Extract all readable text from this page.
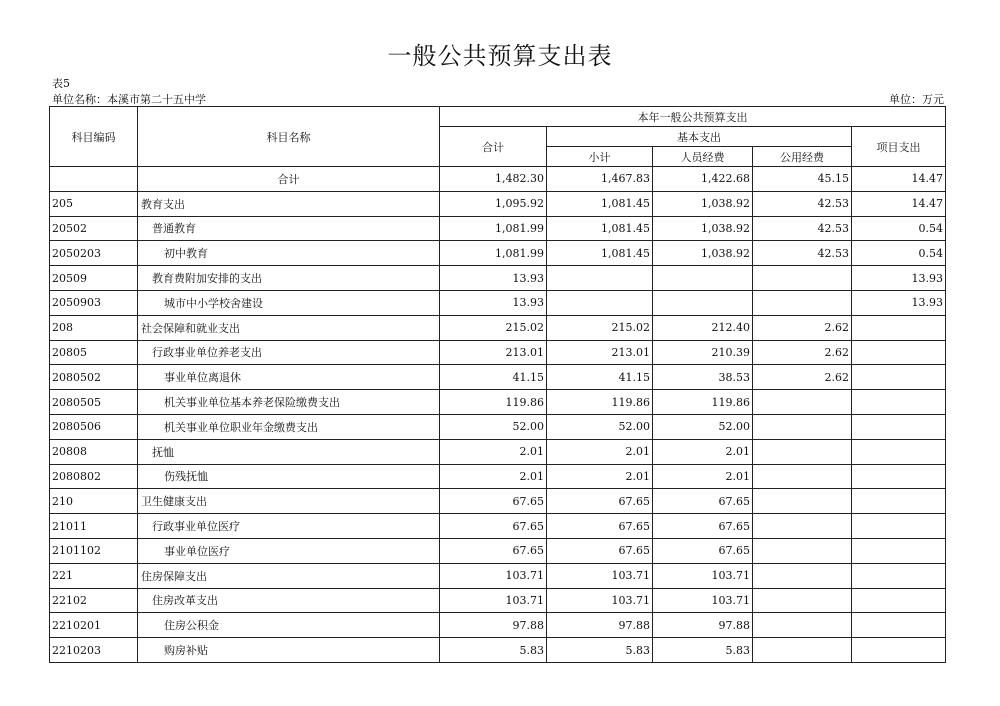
一般公共预算支出表
表5
单位名称：本溪市第二十五中学	单位：万元
科目编码	科目名称	本年一般公共预算支出				
		合计	基本支出			项目支出
			小计	人员经费	公用经费	
	合计	1,482.30	1,467.83	1,422.68	45.15	14.47
205	教育支出	1,095.92	1,081.45	1,038.92	42.53	14.47
20502	普通教育	1,081.99	1,081.45	1,038.92	42.53	0.54
2050203	初中教育	1,081.99	1,081.45	1,038.92	42.53	0.54
20509	教育费附加安排的支出	13.93				13.93
2050903	城市中小学校舍建设	13.93				13.93
208	社会保障和就业支出	215.02	215.02	212.40	2.62	
20805	行政事业单位养老支出	213.01	213.01	210.39	2.62	
2080502	事业单位离退休	41.15	41.15	38.53	2.62	
2080505	机关事业单位基本养老保险缴费支出	119.86	119.86	119.86		
2080506	机关事业单位职业年金缴费支出	52.00	52.00	52.00		
20808	抚恤	2.01	2.01	2.01		
2080802	伤残抚恤	2.01	2.01	2.01		
210	卫生健康支出	67.65	67.65	67.65		
21011	行政事业单位医疗	67.65	67.65	67.65		
2101102	事业单位医疗	67.65	67.65	67.65		
221	住房保障支出	103.71	103.71	103.71		
22102	住房改革支出	103.71	103.71	103.71		
2210201	住房公积金	97.88	97.88	97.88		
2210203	购房补贴	5.83	5.83	5.83		
